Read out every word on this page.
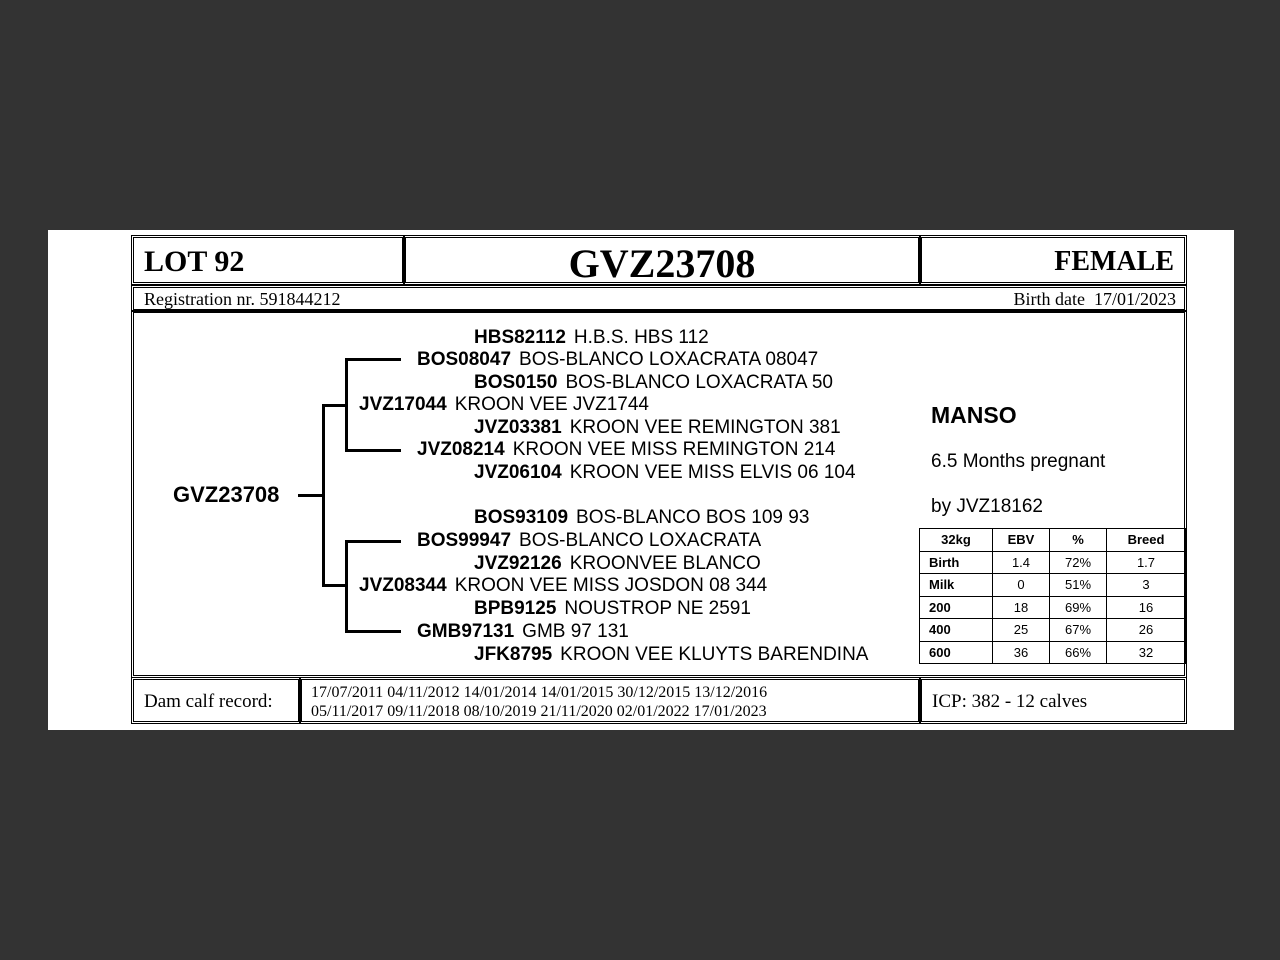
LOT 92	GVZ23708	FEMALE
Registration nr. 591844212	Birth date 17/01/2023
GVZ23708
JVZ17044 KROON VEE JVZ1744
BOS08047 BOS-BLANCO LOXACRATA 08047
HBS82112 H.B.S. HBS 112
BOS0150 BOS-BLANCO LOXACRATA 50
JVZ08214 KROON VEE MISS REMINGTON 214
JVZ03381 KROON VEE REMINGTON 381
JVZ06104 KROON VEE MISS ELVIS 06 104
JVZ08344 KROON VEE MISS JOSDON 08 344
BOS99947 BOS-BLANCO LOXACRATA
BOS93109 BOS-BLANCO BOS 109 93
JVZ92126 KROONVEE BLANCO
GMB97131 GMB 97 131
BPB9125 NOUSTROP NE 2591
JFK8795 KROON VEE KLUYTS BARENDINA
MANSO
6.5 Months pregnant
by JVZ18162
32kg	EBV	%	Breed
Birth	1.4	72%	1.7
Milk	0	51%	3
200	18	69%	16
400	25	67%	26
600	36	66%	32
Dam calf record: 17/07/2011 04/11/2012 14/01/2014 14/01/2015 30/12/2015 13/12/2016
05/11/2017 09/11/2018 08/10/2019 21/11/2020 02/01/2022 17/01/2023	ICP: 382 - 12 calves
